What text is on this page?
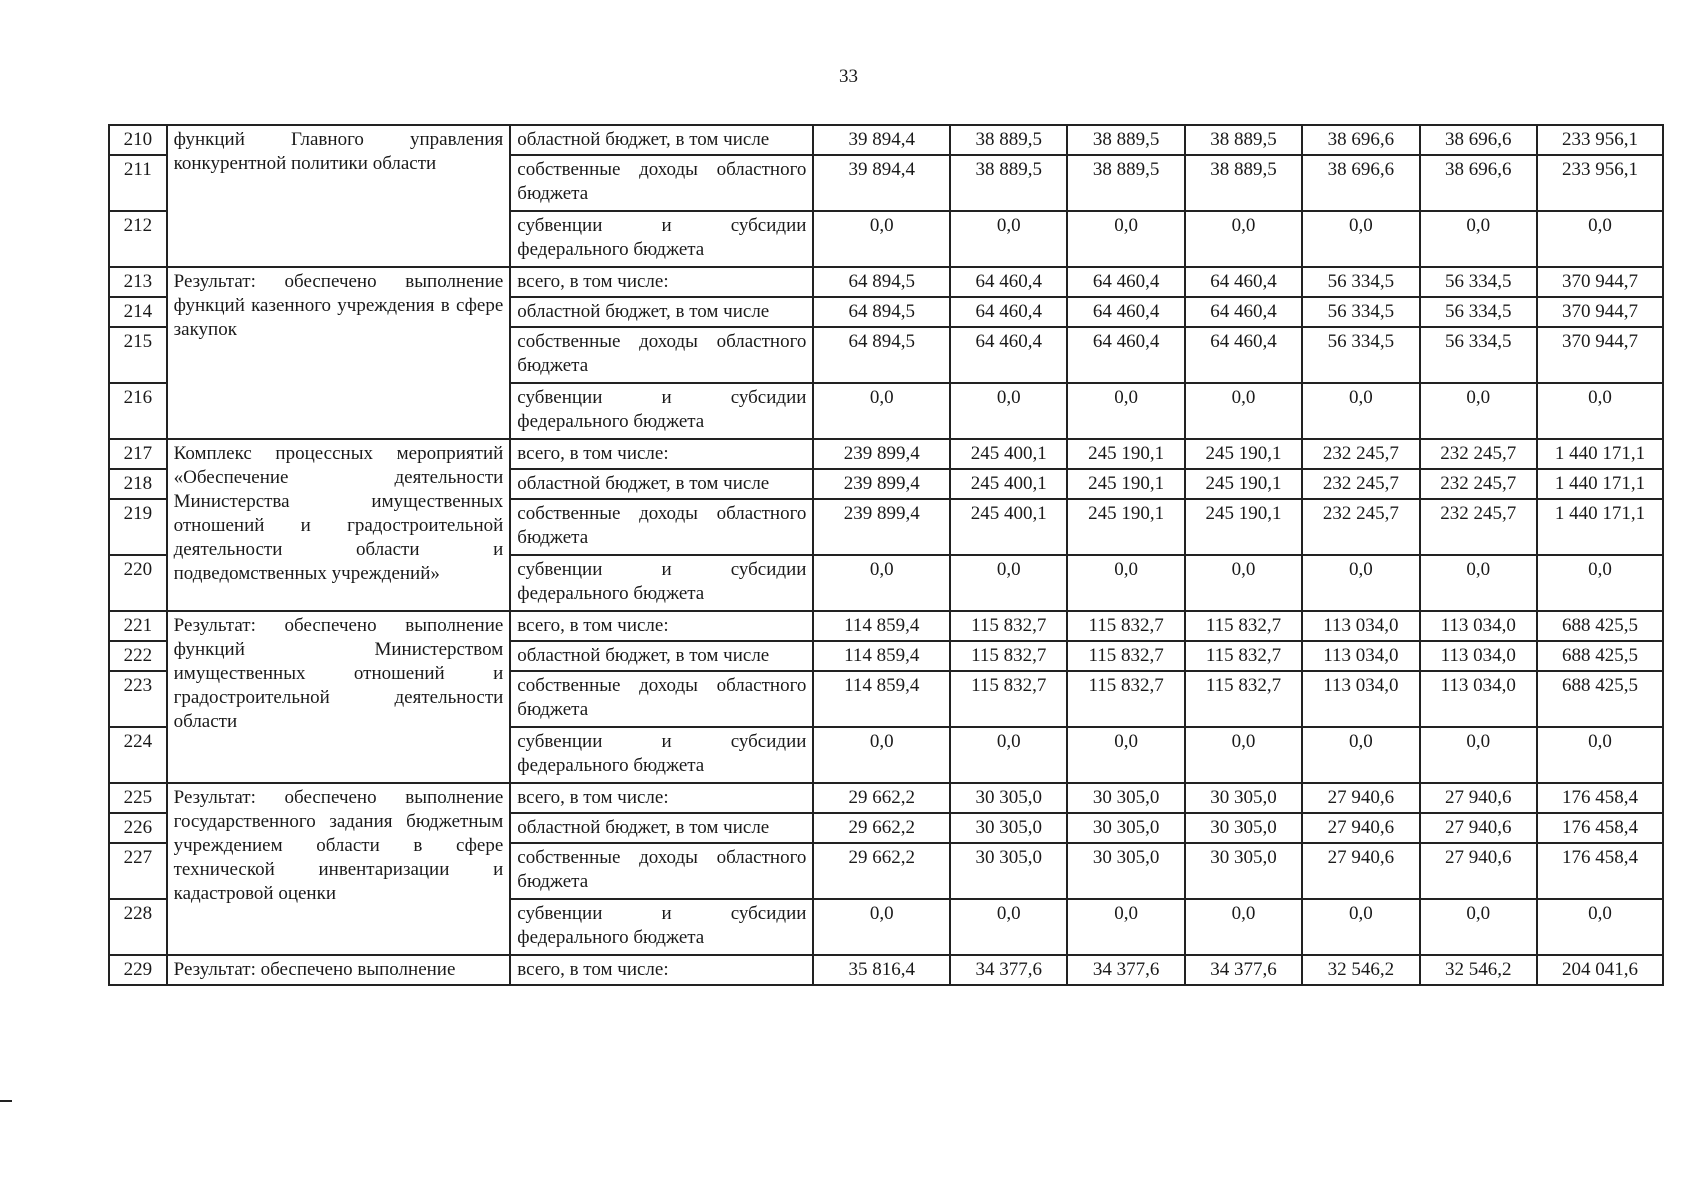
33
210	функций Главного управления конкурентной политики области	областной бюджет, в том числе	39 894,4	38 889,5	38 889,5	38 889,5	38 696,6	38 696,6	233 956,1
211		собственные доходы областного бюджета	39 894,4	38 889,5	38 889,5	38 889,5	38 696,6	38 696,6	233 956,1
212		субвенции и субсидии федерального бюджета	0,0	0,0	0,0	0,0	0,0	0,0	0,0
213	Результат: обеспечено выполнение функций казенного учреждения в сфере закупок	всего, в том числе:	64 894,5	64 460,4	64 460,4	64 460,4	56 334,5	56 334,5	370 944,7
214		областной бюджет, в том числе	64 894,5	64 460,4	64 460,4	64 460,4	56 334,5	56 334,5	370 944,7
215		собственные доходы областного бюджета	64 894,5	64 460,4	64 460,4	64 460,4	56 334,5	56 334,5	370 944,7
216		субвенции и субсидии федерального бюджета	0,0	0,0	0,0	0,0	0,0	0,0	0,0
217	Комплекс процессных мероприятий «Обеспечение деятельности Министерства имущественных отношений и градостроительной деятельности области и подведомственных учреждений»	всего, в том числе:	239 899,4	245 400,1	245 190,1	245 190,1	232 245,7	232 245,7	1 440 171,1
218		областной бюджет, в том числе	239 899,4	245 400,1	245 190,1	245 190,1	232 245,7	232 245,7	1 440 171,1
219		собственные доходы областного бюджета	239 899,4	245 400,1	245 190,1	245 190,1	232 245,7	232 245,7	1 440 171,1
220		субвенции и субсидии федерального бюджета	0,0	0,0	0,0	0,0	0,0	0,0	0,0
221	Результат: обеспечено выполнение функций Министерством имущественных отношений и градостроительной деятельности области	всего, в том числе:	114 859,4	115 832,7	115 832,7	115 832,7	113 034,0	113 034,0	688 425,5
222		областной бюджет, в том числе	114 859,4	115 832,7	115 832,7	115 832,7	113 034,0	113 034,0	688 425,5
223		собственные доходы областного бюджета	114 859,4	115 832,7	115 832,7	115 832,7	113 034,0	113 034,0	688 425,5
224		субвенции и субсидии федерального бюджета	0,0	0,0	0,0	0,0	0,0	0,0	0,0
225	Результат: обеспечено выполнение государственного задания бюджетным учреждением области в сфере технической инвентаризации и кадастровой оценки	всего, в том числе:	29 662,2	30 305,0	30 305,0	30 305,0	27 940,6	27 940,6	176 458,4
226		областной бюджет, в том числе	29 662,2	30 305,0	30 305,0	30 305,0	27 940,6	27 940,6	176 458,4
227		собственные доходы областного бюджета	29 662,2	30 305,0	30 305,0	30 305,0	27 940,6	27 940,6	176 458,4
228		субвенции и субсидии федерального бюджета	0,0	0,0	0,0	0,0	0,0	0,0	0,0
229	Результат: обеспечено выполнение	всего, в том числе:	35 816,4	34 377,6	34 377,6	34 377,6	32 546,2	32 546,2	204 041,6
